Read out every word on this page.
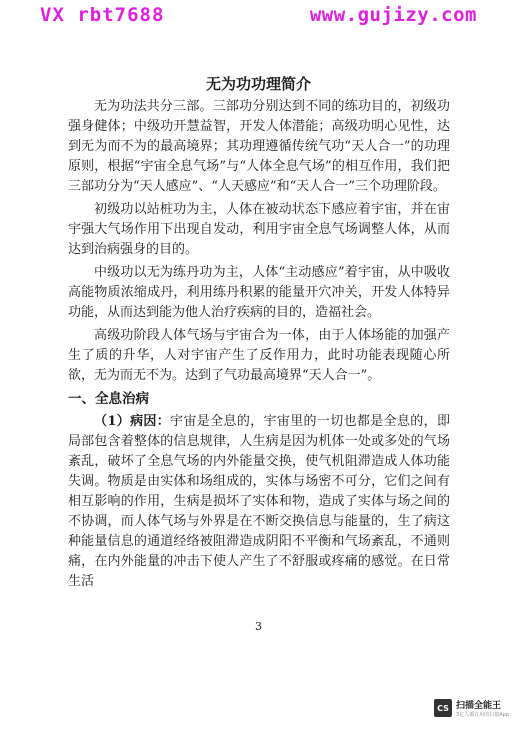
VX rbt7688	www.gujizy.com
无为功功理简介

无为功法共分三部。三部功分别达到不同的练功目的，初级功强身健体；中级功开慧益智，开发人体潜能；高级功明心见性，达到无为而不为的最高境界；其功理遵循传统气功“天人合一”的功理原则，根据“宇宙全息气场”与“人体全息气场”的相互作用，我们把三部功分为“天人感应”、“人天感应”和“天人合一”三个功理阶段。

初级功以站桩功为主，人体在被动状态下感应着宇宙，并在宙宇强大气场作用下出现自发动，利用宇宙全息气场调整人体，从而达到治病强身的目的。

中级功以无为练丹功为主，人体“主动感应”着宇宙，从中吸收高能物质浓缩成丹，利用练丹积累的能量开穴冲关，开发人体特异功能，从而达到能为他人治疗疾病的目的，造福社会。

高级功阶段人体气场与宇宙合为一体，由于人体场能的加强产生了质的升华，人对宇宙产生了反作用力，此时功能表现随心所欲，无为而无不为。达到了气功最高境界“天人合一”。

一、全息治病

（1）病因：宇宙是全息的，宇宙里的一切也都是全息的，即局部包含着整体的信息规律，人生病是因为机体一处或多处的气场紊乱，破坏了全息气场的内外能量交换，使气机阻滞造成人体功能失调。物质是由实体和场组成的，实体与场密不可分，它们之间有相互影响的作用，生病是损坏了实体和物，造成了实体与场之间的不协调，而人体气场与外界是在不断交换信息与能量的，生了病这种能量信息的通道经络被阻滞造成阴阳不平衡和气场紊乱，不通则痛，在内外能量的冲击下使人产生了不舒服或疼痛的感觉。在日常生活

3
CS 扫描全能王
3亿人都在用的扫描App
